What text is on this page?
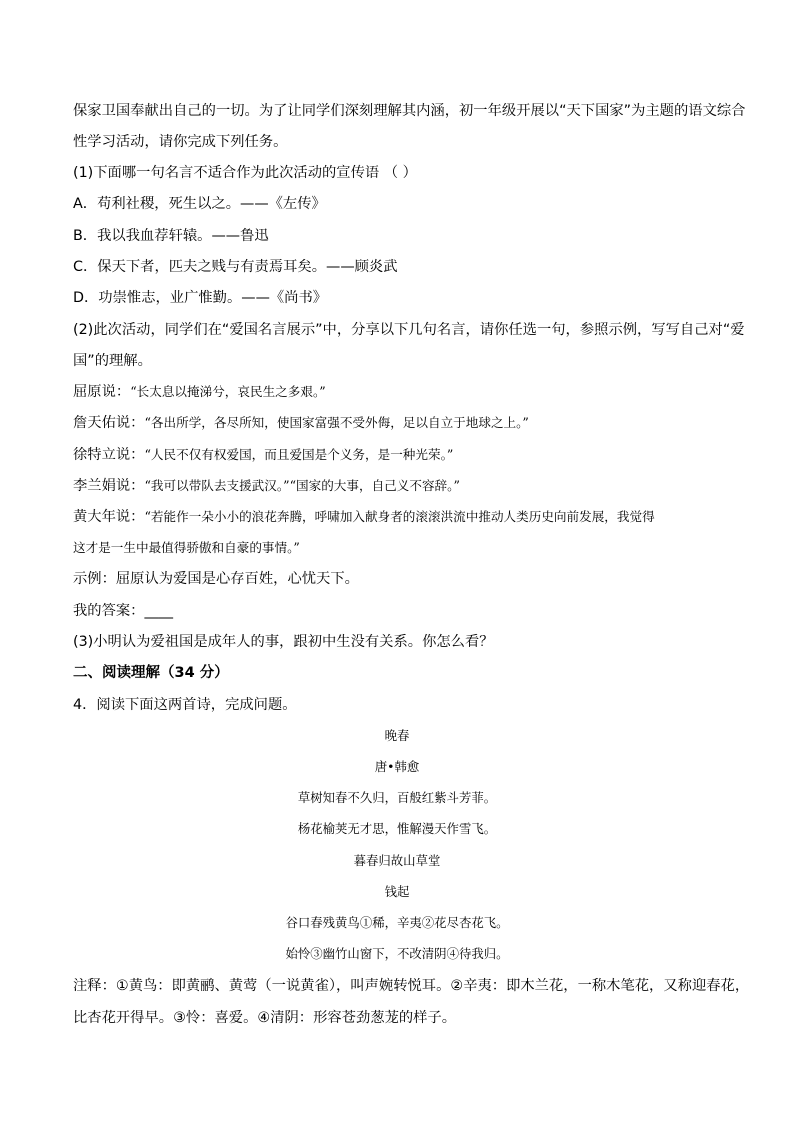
保家卫国奉献出自己的一切。为了让同学们深刻理解其内涵，初一年级开展以“天下国家”为主题的语文综合
性学习活动，请你完成下列任务。
(1)下面哪一句名言不适合作为此次活动的宣传语 （ ）
A．苟利社稷，死生以之。——《左传》
B．我以我血荐轩辕。——鲁迅
C．保天下者，匹夫之贱与有责焉耳矣。——顾炎武
D．功崇惟志，业广惟勤。——《尚书》
(2)此次活动，同学们在“爱国名言展示”中，分享以下几句名言，请你任选一句，参照示例，写写自己对“爱
国”的理解。
屈原说：“长太息以掩涕兮，哀民生之多艰。”
詹天佑说：“各出所学，各尽所知，使国家富强不受外侮，足以自立于地球之上。”
徐特立说：“人民不仅有权爱国，而且爱国是个义务，是一种光荣。”
李兰娟说：“我可以带队去支援武汉。”“国家的大事，自己义不容辞。”
黄大年说：“若能作一朵小小的浪花奔腾，呼啸加入献身者的滚滚洪流中推动人类历史向前发展，我觉得
这才是一生中最值得骄傲和自豪的事情。”
示例：屈原认为爱国是心存百姓，心忧天下。
我的答案：____
(3)小明认为爱祖国是成年人的事，跟初中生没有关系。你怎么看？
二、阅读理解（34 分）
4．阅读下面这两首诗，完成问题。
晚春
唐•韩愈
草树知春不久归，百般红紫斗芳菲。
杨花榆荚无才思，惟解漫天作雪飞。
暮春归故山草堂
钱起
谷口春残黄鸟①稀，辛夷②花尽杏花飞。
始怜③幽竹山窗下，不改清阴④待我归。
注释：①黄鸟：即黄鹂、黄莺（一说黄雀），叫声婉转悦耳。②辛夷：即木兰花，一称木笔花，又称迎春花，
比杏花开得早。③怜：喜爱。④清阴：形容苍劲葱茏的样子。
